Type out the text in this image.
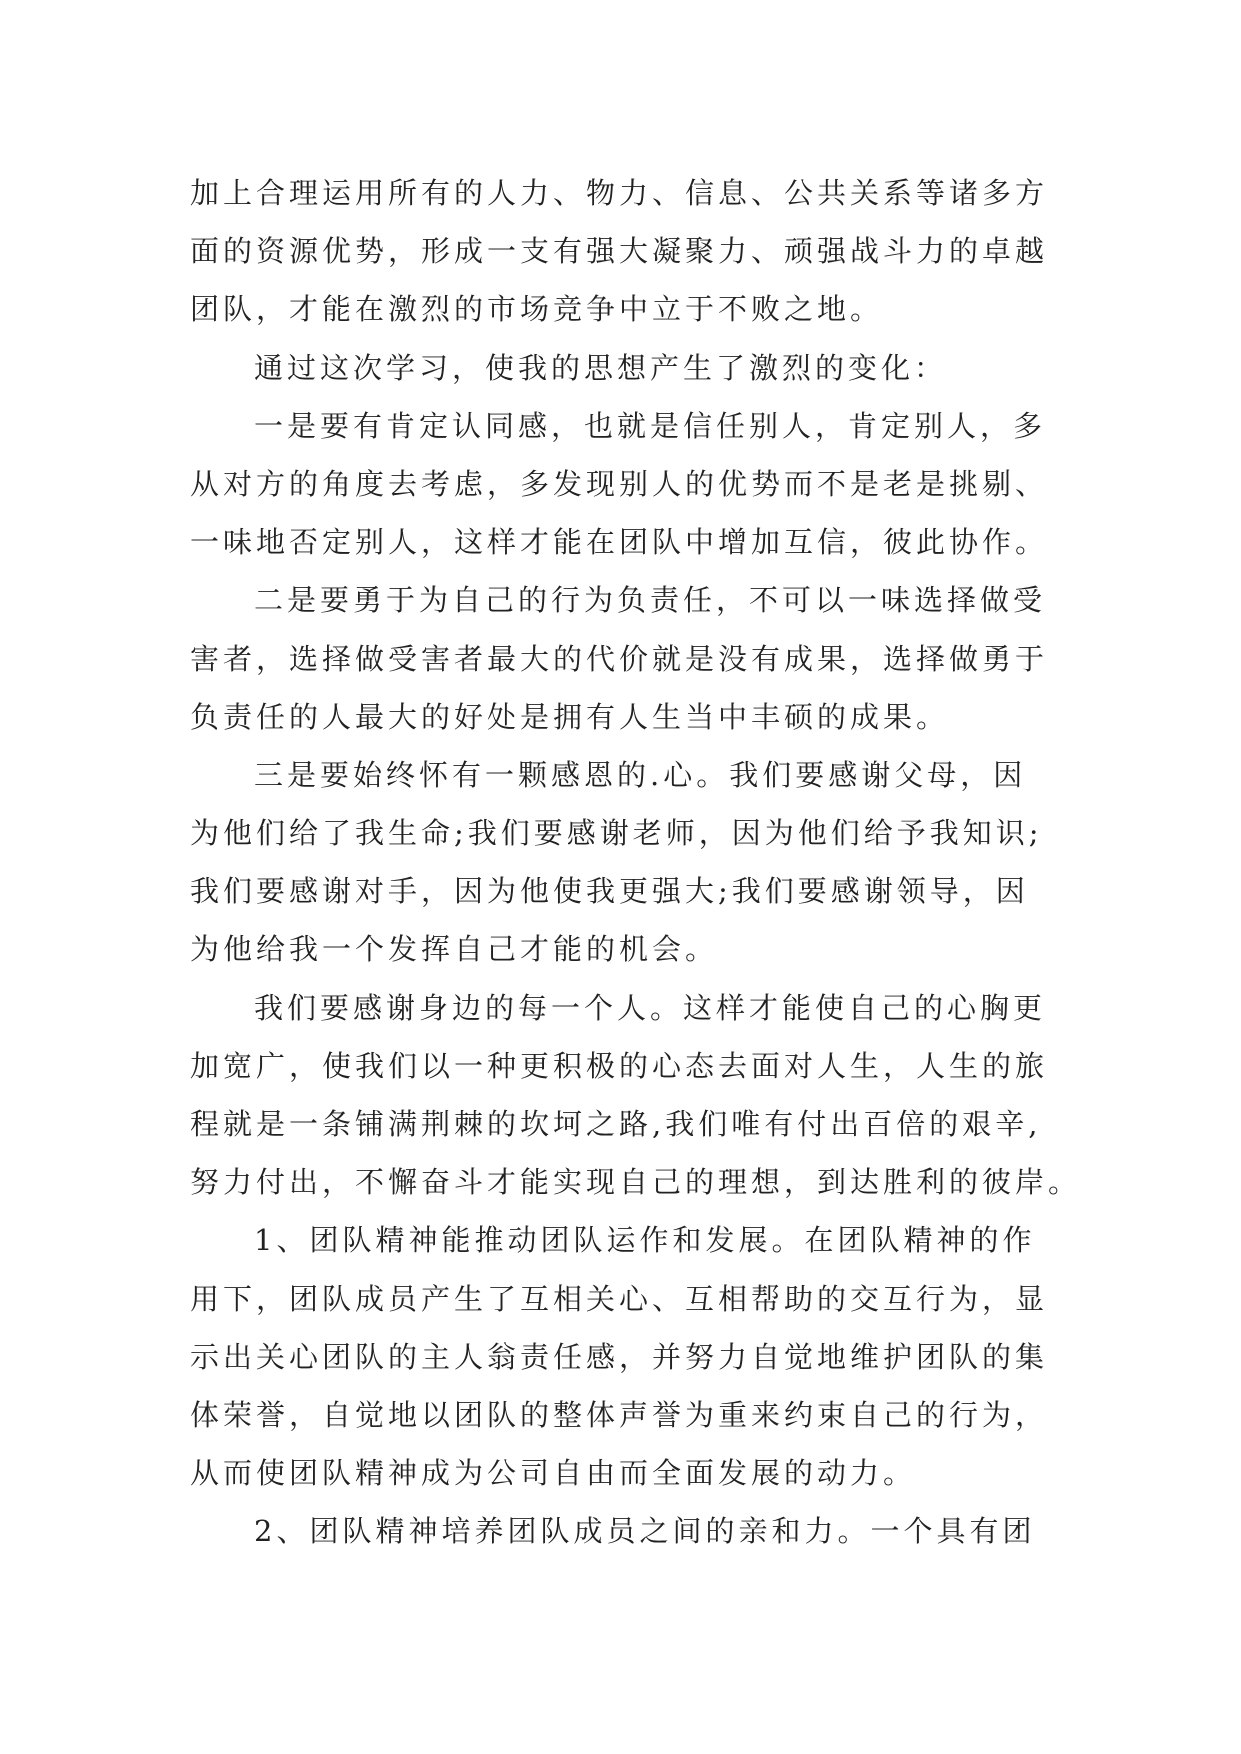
加上合理运用所有的人力、物力、信息、公共关系等诸多方
面的资源优势，形成一支有强大凝聚力、顽强战斗力的卓越
团队，才能在激烈的市场竞争中立于不败之地。
通过这次学习，使我的思想产生了激烈的变化：
一是要有肯定认同感，也就是信任别人，肯定别人，多
从对方的角度去考虑，多发现别人的优势而不是老是挑剔、
一味地否定别人，这样才能在团队中增加互信，彼此协作。
二是要勇于为自己的行为负责任，不可以一味选择做受
害者，选择做受害者最大的代价就是没有成果，选择做勇于
负责任的人最大的好处是拥有人生当中丰硕的成果。
三是要始终怀有一颗感恩的.心。我们要感谢父母，因
为他们给了我生命;我们要感谢老师，因为他们给予我知识;
我们要感谢对手，因为他使我更强大;我们要感谢领导，因
为他给我一个发挥自己才能的机会。
我们要感谢身边的每一个人。这样才能使自己的心胸更
加宽广，使我们以一种更积极的心态去面对人生，人生的旅
程就是一条铺满荆棘的坎坷之路,我们唯有付出百倍的艰辛,
努力付出，不懈奋斗才能实现自己的理想，到达胜利的彼岸。
1、团队精神能推动团队运作和发展。在团队精神的作
用下，团队成员产生了互相关心、互相帮助的交互行为，显
示出关心团队的主人翁责任感，并努力自觉地维护团队的集
体荣誉，自觉地以团队的整体声誉为重来约束自己的行为，
从而使团队精神成为公司自由而全面发展的动力。
2、团队精神培养团队成员之间的亲和力。一个具有团
